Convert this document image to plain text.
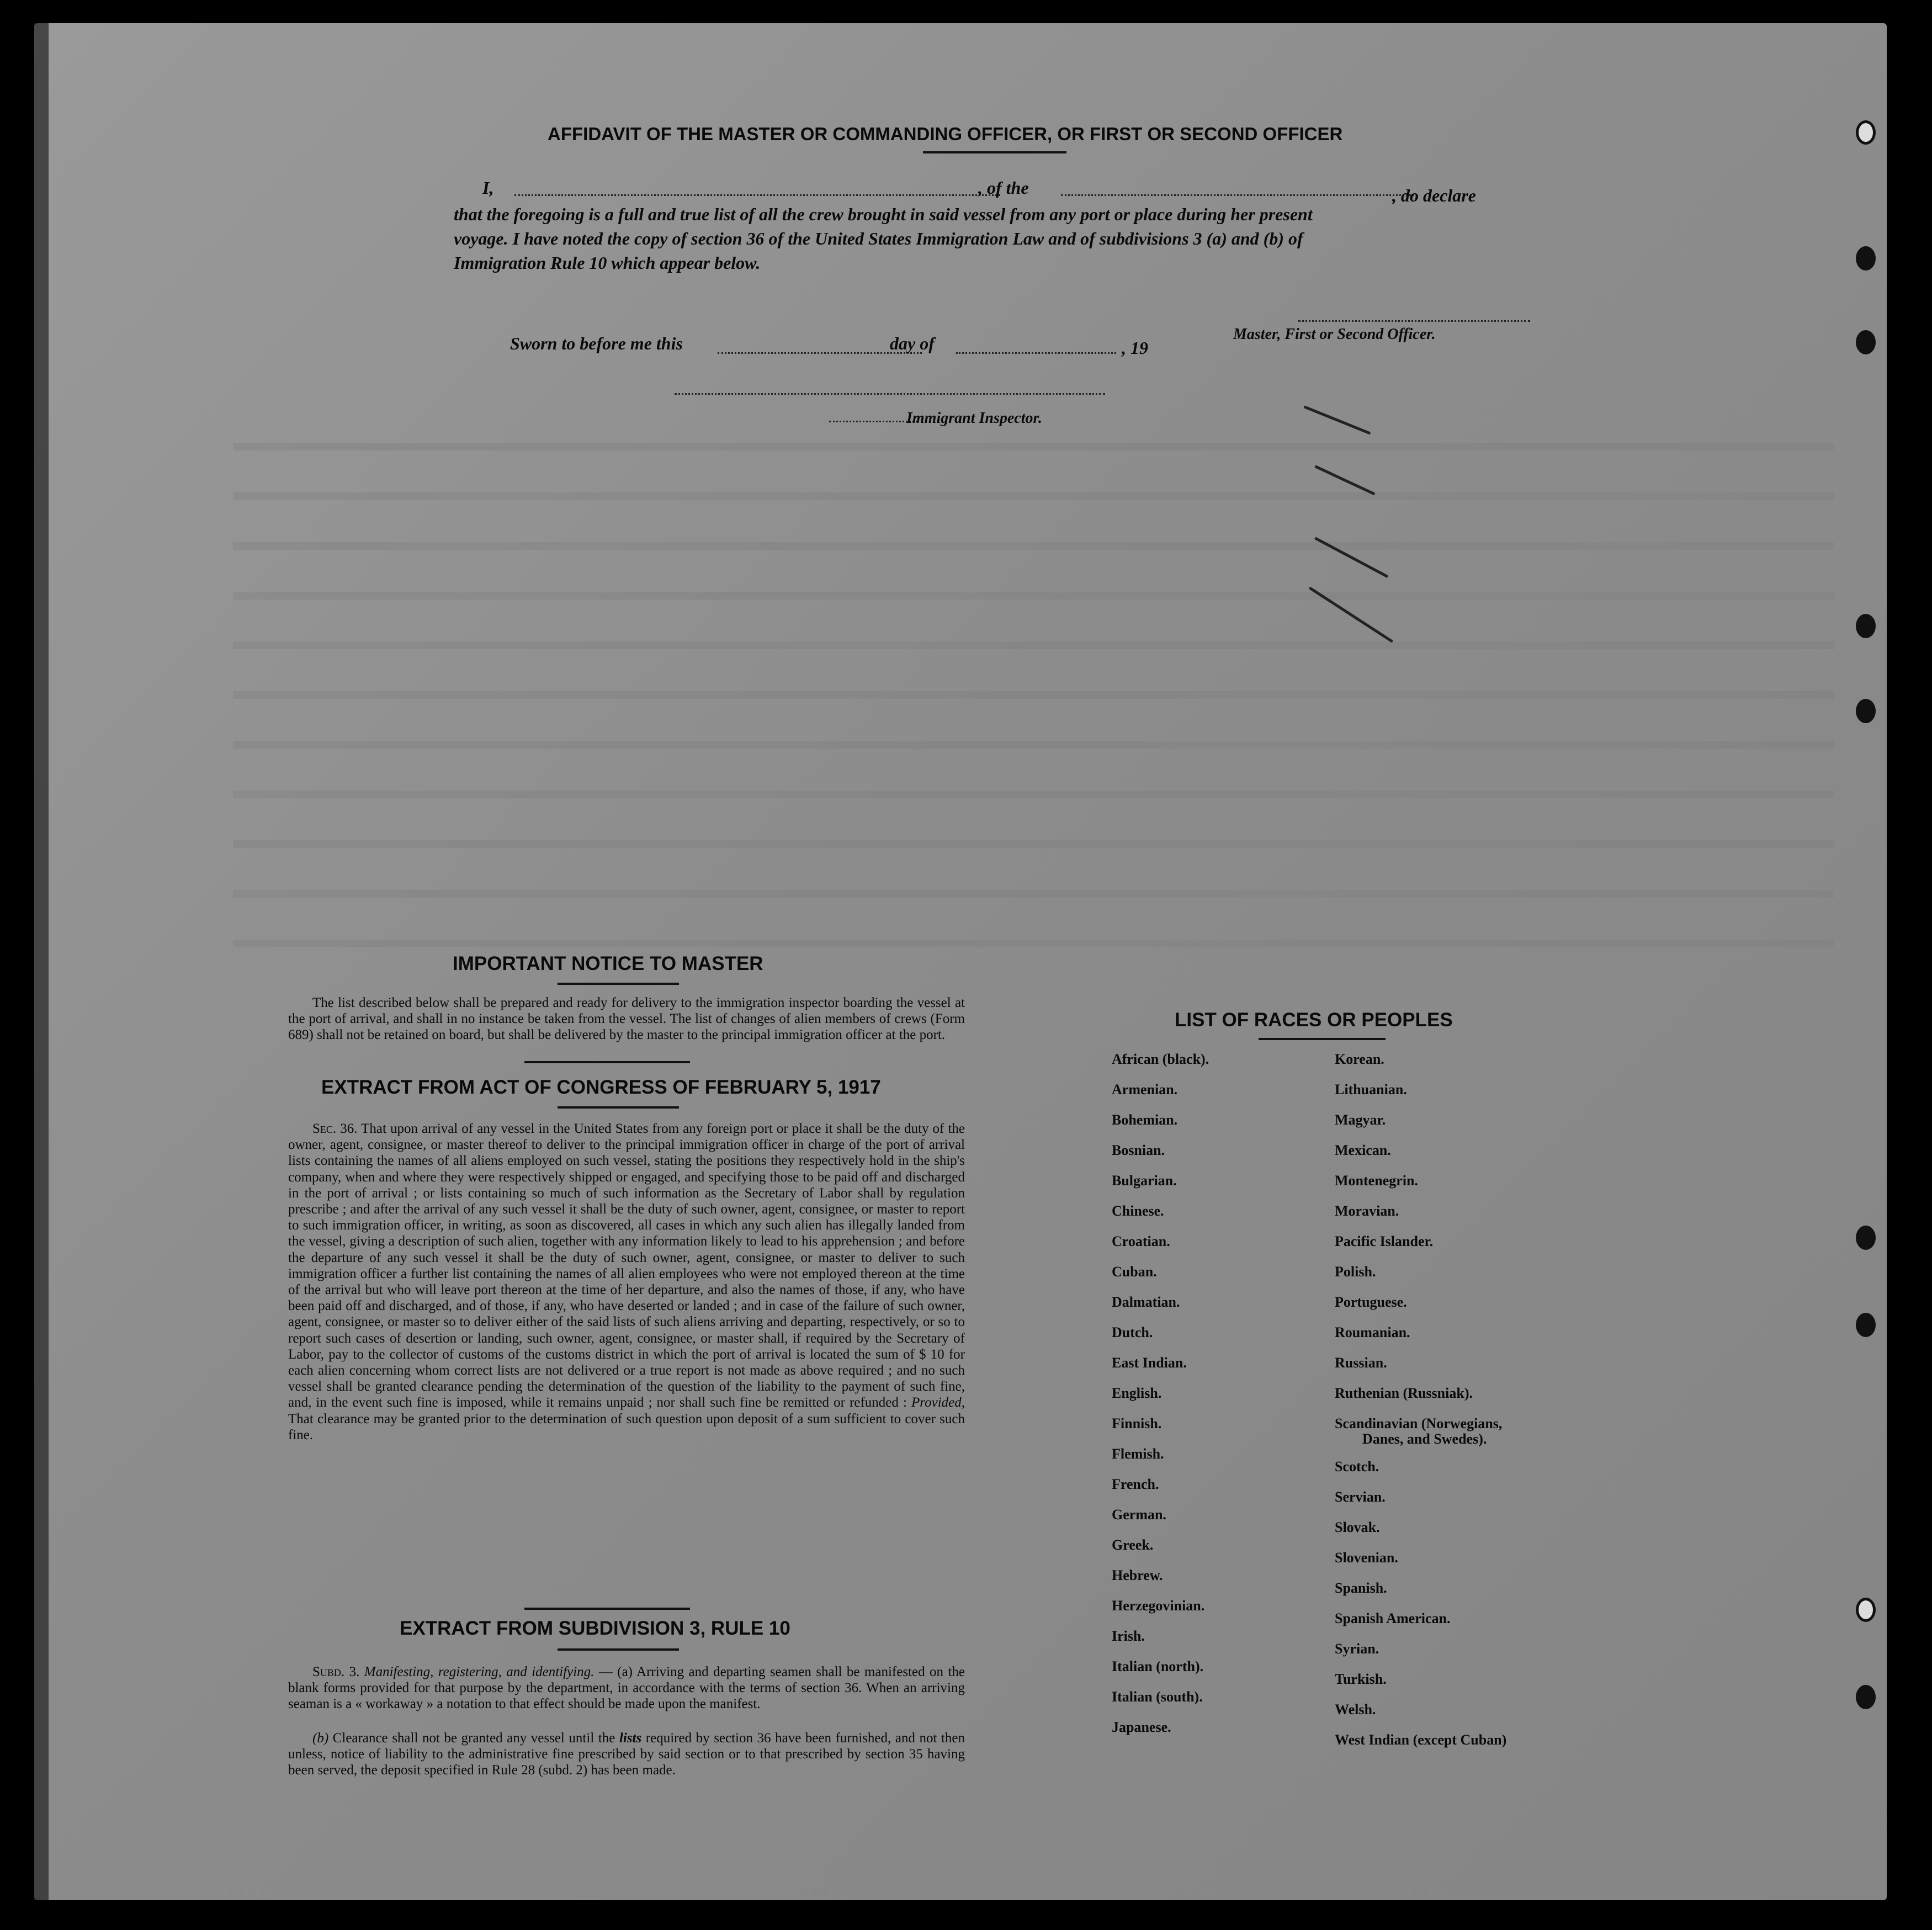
AFFIDAVIT OF THE MASTER OR COMMANDING OFFICER, OR FIRST OR SECOND OFFICER
I,	, of the	, do declare
that the foregoing is a full and true list of all the crew brought in said vessel from any port or place during her present
voyage. I have noted the copy of section 36 of the United States Immigration Law and of subdivisions 3 (a) and (b) of
Immigration Rule 10 which appear below.
Master, First or Second Officer.
Sworn to before me this	day of	, 19
Immigrant Inspector.
IMPORTANT NOTICE TO MASTER
The list described below shall be prepared and ready for delivery to the immigration inspector boarding the vessel at the port of arrival, and shall in no instance be taken from the vessel. The list of changes of alien members of crews (Form 689) shall not be retained on board, but shall be delivered by the master to the principal immigration officer at the port.
EXTRACT FROM ACT OF CONGRESS OF FEBRUARY 5, 1917
Sec. 36. That upon arrival of any vessel in the United States from any foreign port or place it shall be the duty of the owner, agent, consignee, or master thereof to deliver to the principal immigration officer in charge of the port of arrival lists containing the names of all aliens employed on such vessel, stating the positions they respectively hold in the ship's company, when and where they were respectively shipped or engaged, and specifying those to be paid off and discharged in the port of arrival ; or lists containing so much of such information as the Secretary of Labor shall by regulation prescribe ; and after the arrival of any such vessel it shall be the duty of such owner, agent, consignee, or master to report to such immigration officer, in writing, as soon as discovered, all cases in which any such alien has illegally landed from the vessel, giving a description of such alien, together with any information likely to lead to his apprehension ; and before the departure of any such vessel it shall be the duty of such owner, agent, consignee, or master to deliver to such immigration officer a further list containing the names of all alien employees who were not employed thereon at the time of the arrival but who will leave port thereon at the time of her departure, and also the names of those, if any, who have been paid off and discharged, and of those, if any, who have deserted or landed ; and in case of the failure of such owner, agent, consignee, or master so to deliver either of the said lists of such aliens arriving and departing, respectively, or so to report such cases of desertion or landing, such owner, agent, consignee, or master shall, if required by the Secretary of Labor, pay to the collector of customs of the customs district in which the port of arrival is located the sum of $ 10 for each alien concerning whom correct lists are not delivered or a true report is not made as above required ; and no such vessel shall be granted clearance pending the determination of the question of the liability to the payment of such fine, and, in the event such fine is imposed, while it remains unpaid ; nor shall such fine be remitted or refunded : Provided, That clearance may be granted prior to the determination of such question upon deposit of a sum sufficient to cover such fine.
EXTRACT FROM SUBDIVISION 3, RULE 10
Subd. 3. Manifesting, registering, and identifying. — (a) Arriving and departing seamen shall be manifested on the blank forms provided for that purpose by the department, in accordance with the terms of section 36. When an arriving seaman is a « workaway » a notation to that effect should be made upon the manifest.
(b) Clearance shall not be granted any vessel until the lists required by section 36 have been furnished, and not then unless, notice of liability to the administrative fine prescribed by said section or to that prescribed by section 35 having been served, the deposit specified in Rule 28 (subd. 2) has been made.
LIST OF RACES OR PEOPLES
African (black).
Armenian.
Bohemian.
Bosnian.
Bulgarian.
Chinese.
Croatian.
Cuban.
Dalmatian.
Dutch.
East Indian.
English.
Finnish.
Flemish.
French.
German.
Greek.
Hebrew.
Herzegovinian.
Irish.
Italian (north).
Italian (south).
Japanese.
Korean.
Lithuanian.
Magyar.
Mexican.
Montenegrin.
Moravian.
Pacific Islander.
Polish.
Portuguese.
Roumanian.
Russian.
Ruthenian (Russniak).
Scandinavian (Norwegians,
Danes, and Swedes).
Scotch.
Servian.
Slovak.
Slovenian.
Spanish.
Spanish American.
Syrian.
Turkish.
Welsh.
West Indian (except Cuban)
